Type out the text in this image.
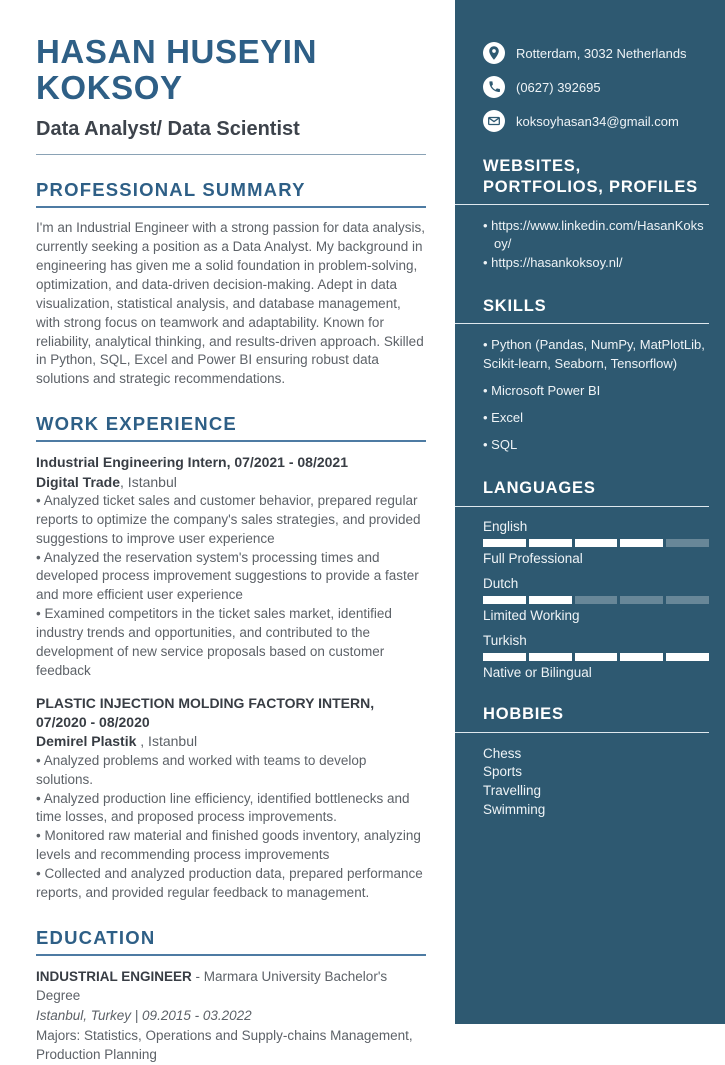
HASAN HUSEYIN KOKSOY
Data Analyst/ Data Scientist
PROFESSIONAL SUMMARY
I'm an Industrial Engineer with a strong passion for data analysis, currently seeking a position as a Data Analyst. My background in engineering has given me a solid foundation in problem-solving, optimization, and data-driven decision-making. Adept in data visualization, statistical analysis, and database management, with strong focus on teamwork and adaptability. Known for reliability, analytical thinking, and results-driven approach. Skilled in Python, SQL, Excel and Power BI ensuring robust data solutions and strategic recommendations.
WORK EXPERIENCE
Industrial Engineering Intern, 07/2021 - 08/2021
Digital Trade, Istanbul
• Analyzed ticket sales and customer behavior, prepared regular reports to optimize the company's sales strategies, and provided suggestions to improve user experience
• Analyzed the reservation system's processing times and developed process improvement suggestions to provide a faster and more efficient user experience
• Examined competitors in the ticket sales market, identified industry trends and opportunities, and contributed to the development of new service proposals based on customer feedback
PLASTIC INJECTION MOLDING FACTORY INTERN, 07/2020 - 08/2020
Demirel Plastik , Istanbul
• Analyzed problems and worked with teams to develop solutions.
• Analyzed production line efficiency, identified bottlenecks and time losses, and proposed process improvements.
• Monitored raw material and finished goods inventory, analyzing levels and recommending process improvements
• Collected and analyzed production data, prepared performance reports, and provided regular feedback to management.
EDUCATION
INDUSTRIAL ENGINEER - Marmara University Bachelor's Degree
Istanbul, Turkey | 09.2015 - 03.2022
Majors: Statistics, Operations and Supply-chains Management, Production Planning
Rotterdam, 3032 Netherlands
(0627) 392695
koksoyhasan34@gmail.com
WEBSITES,
PORTFOLIOS, PROFILES
• https://www.linkedin.com/HasanKoksoy/
• https://hasankoksoy.nl/
SKILLS
• Python (Pandas, NumPy, MatPlotLib, Scikit-learn, Seaborn, Tensorflow)
• Microsoft Power BI
• Excel
• SQL
LANGUAGES
English
Full Professional
Dutch
Limited Working
Turkish
Native or Bilingual
HOBBIES
Chess
Sports
Travelling
Swimming
